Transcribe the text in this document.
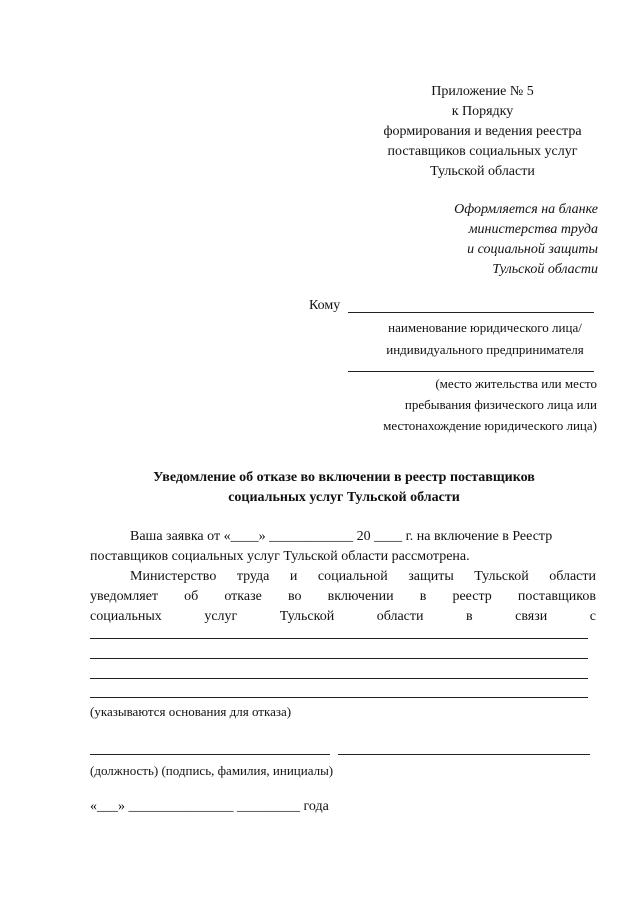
Приложение № 5
к Порядку
формирования и ведения реестра
поставщиков социальных услуг
Тульской области
Оформляется на бланке
министерства труда
и социальной защиты
Тульской области
Кому
наименование юридического лица/
индивидуального предпринимателя
(место жительства или место
пребывания физического лица или
местонахождение юридического лица)
Уведомление об отказе во включении в реестр поставщиков
социальных услуг Тульской области
Ваша заявка от «____» ____________ 20 ____ г. на включение в Реестр
поставщиков социальных услуг Тульской области рассмотрена.
Министерство труда и социальной защиты Тульской области
уведомляет об отказе во включении в реестр поставщиков
социальных услуг Тульской области в связи с
(указываются основания для отказа)
(должность) (подпись, фамилия, инициалы)
«___» _______________ _________ года
